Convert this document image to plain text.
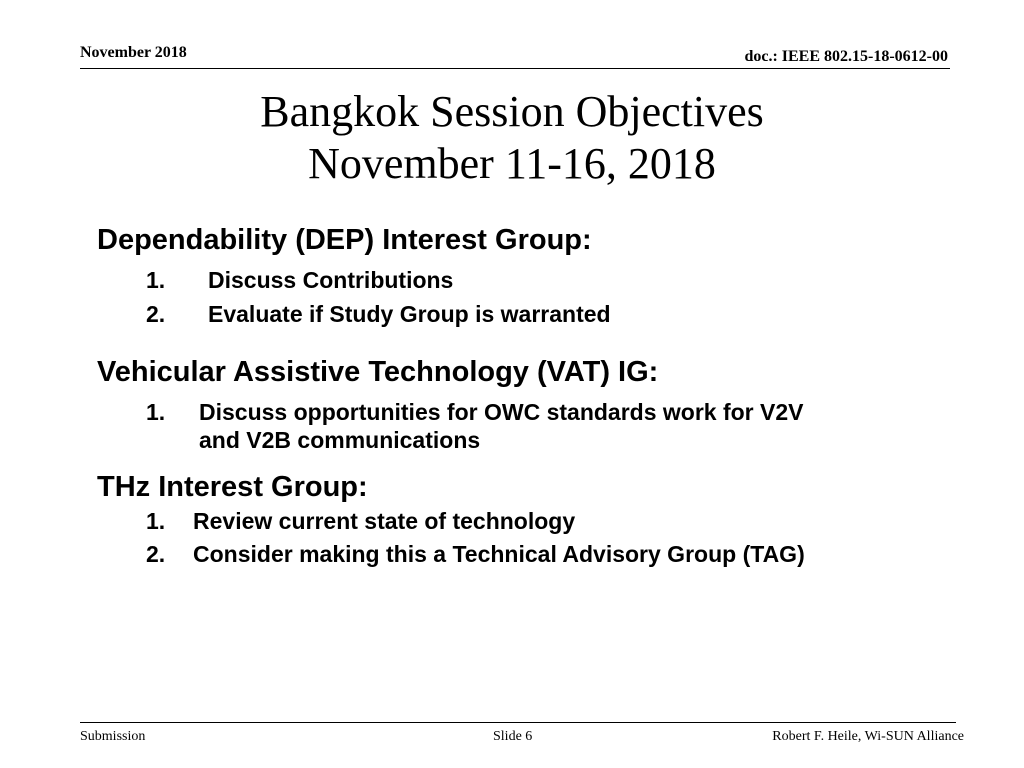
November 2018	doc.: IEEE 802.15-18-0612-00
Bangkok Session Objectives
November 11-16, 2018
Dependability (DEP) Interest Group:
1. Discuss Contributions
2. Evaluate if Study Group is warranted
Vehicular Assistive Technology (VAT) IG:
1. Discuss opportunities for OWC standards work for V2V
and V2B communications
THz Interest Group:
1. Review current state of technology
2. Consider making this a Technical Advisory Group (TAG)
Submission	Slide 6	Robert F. Heile, Wi-SUN Alliance
